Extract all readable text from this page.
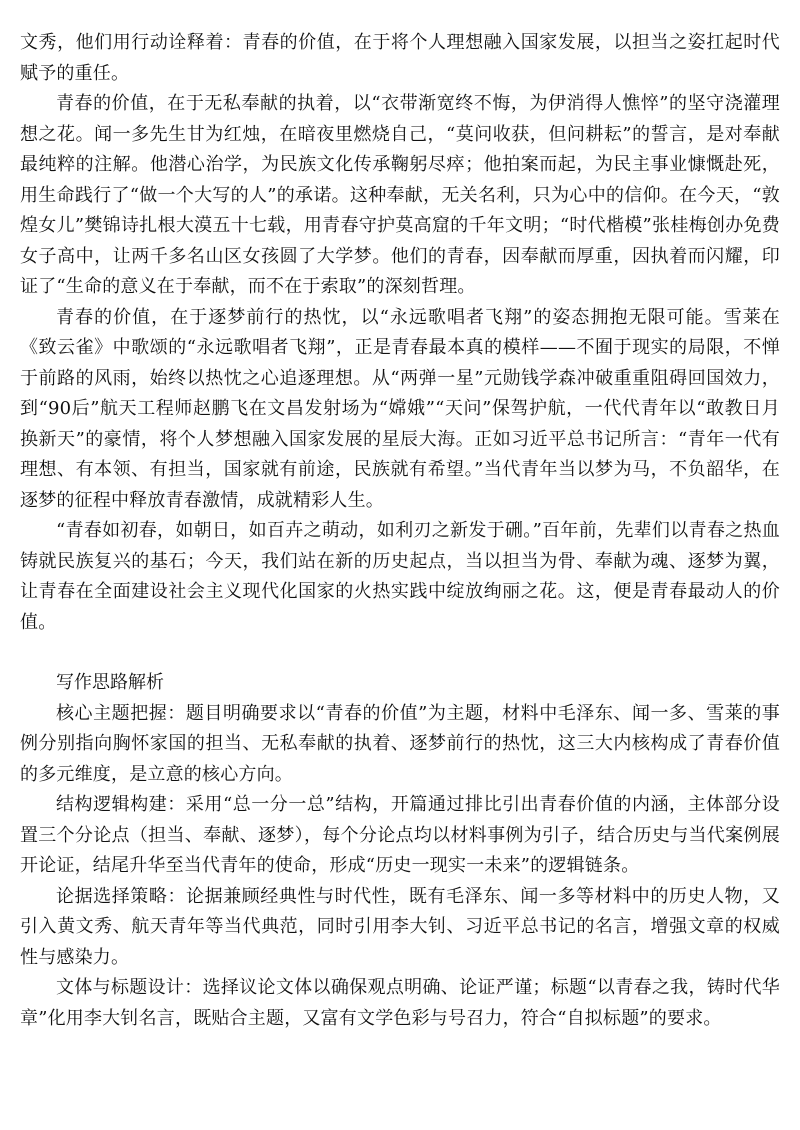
文秀，他们用行动诠释着：青春的价值，在于将个人理想融入国家发展，以担当之姿扛起时代赋予的重任。

青春的价值，在于无私奉献的执着，以“衣带渐宽终不悔，为伊消得人憔悴”的坚守浇灌理想之花。闻一多先生甘为红烛，在暗夜里燃烧自己，“莫问收获，但问耕耘”的誓言，是对奉献最纯粹的注解。他潜心治学，为民族文化传承鞠躬尽瘁；他拍案而起，为民主事业慷慨赴死，用生命践行了“做一个大写的人”的承诺。这种奉献，无关名利，只为心中的信仰。在今天，“敦煌女儿”樊锦诗扎根大漠五十七载，用青春守护莫高窟的千年文明；“时代楷模”张桂梅创办免费女子高中，让两千多名山区女孩圆了大学梦。他们的青春，因奉献而厚重，因执着而闪耀，印证了“生命的意义在于奉献，而不在于索取”的深刻哲理。

青春的价值，在于逐梦前行的热忱，以“永远歌唱者飞翔”的姿态拥抱无限可能。雪莱在《致云雀》中歌颂的“永远歌唱者飞翔”，正是青春最本真的模样——不囿于现实的局限，不惮于前路的风雨，始终以热忱之心追逐理想。从“两弹一星”元勋钱学森冲破重重阻碍回国效力，到“90后”航天工程师赵鹏飞在文昌发射场为“嫦娥”“天问”保驾护航，一代代青年以“敢教日月换新天”的豪情，将个人梦想融入国家发展的星辰大海。正如习近平总书记所言：“青年一代有理想、有本领、有担当，国家就有前途，民族就有希望。”当代青年当以梦为马，不负韶华，在逐梦的征程中释放青春激情，成就精彩人生。

“青春如初春，如朝日，如百卉之萌动，如利刃之新发于硎。”百年前，先辈们以青春之热血铸就民族复兴的基石；今天，我们站在新的历史起点，当以担当为骨、奉献为魂、逐梦为翼，让青春在全面建设社会主义现代化国家的火热实践中绽放绚丽之花。这，便是青春最动人的价值。

写作思路解析

核心主题把握：题目明确要求以“青春的价值”为主题，材料中毛泽东、闻一多、雪莱的事例分别指向胸怀家国的担当、无私奉献的执着、逐梦前行的热忱，这三大内核构成了青春价值的多元维度，是立意的核心方向。

结构逻辑构建：采用“总一分一总”结构，开篇通过排比引出青春价值的内涵，主体部分设置三个分论点（担当、奉献、逐梦），每个分论点均以材料事例为引子，结合历史与当代案例展开论证，结尾升华至当代青年的使命，形成“历史一现实一未来”的逻辑链条。

论据选择策略：论据兼顾经典性与时代性，既有毛泽东、闻一多等材料中的历史人物，又引入黄文秀、航天青年等当代典范，同时引用李大钊、习近平总书记的名言，增强文章的权威性与感染力。

文体与标题设计：选择议论文体以确保观点明确、论证严谨；标题“以青春之我，铸时代华章”化用李大钊名言，既贴合主题，又富有文学色彩与号召力，符合“自拟标题”的要求。
